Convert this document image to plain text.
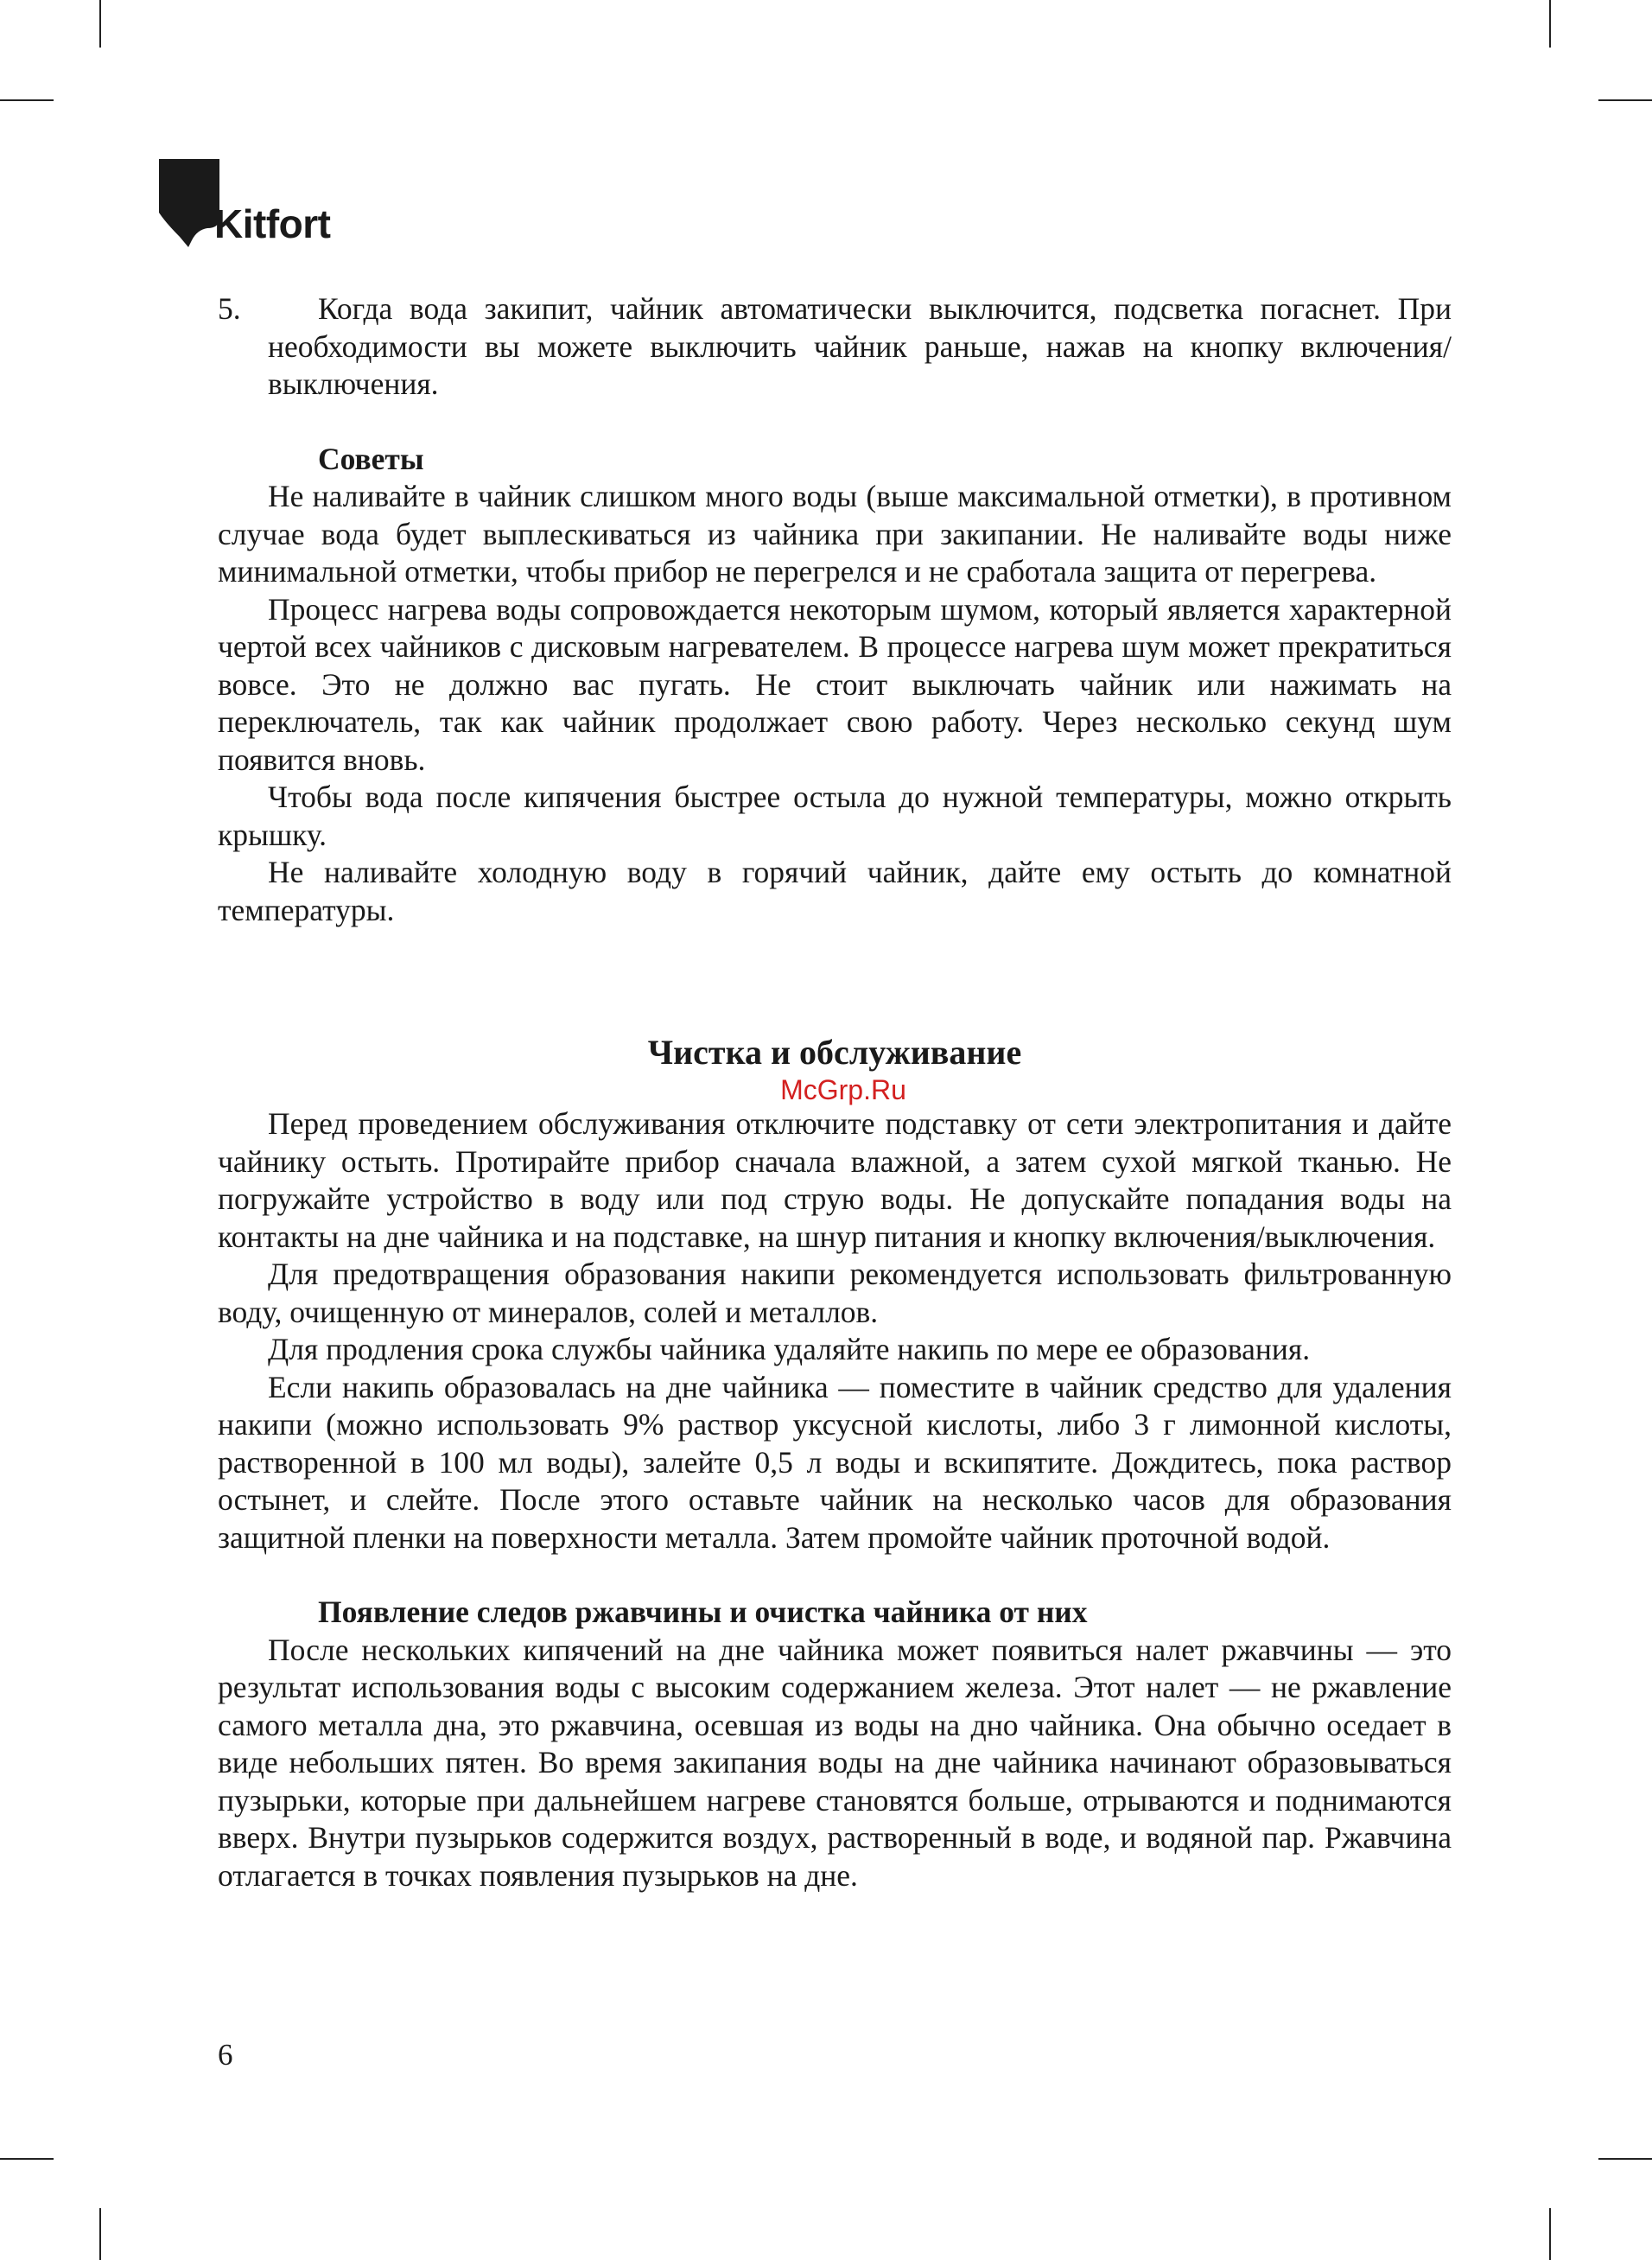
Kitfort
5.	Когда вода закипит, чайник автоматически выключится, подсветка погаснет. При необходимости вы можете выключить чайник раньше, нажав на кнопку включения/выключения.

Советы

Не наливайте в чайник слишком много воды (выше максимальной отметки), в противном случае вода будет выплескиваться из чайника при закипании. Не наливайте воды ниже минимальной отметки, чтобы прибор не перегрелся и не сработала защита от перегрева.

Процесс нагрева воды сопровождается некоторым шумом, который является характерной чертой всех чайников с дисковым нагревателем. В процессе нагрева шум может прекратиться вовсе. Это не должно вас пугать. Не стоит выключать чайник или нажимать на переключатель, так как чайник продолжает свою работу. Через несколько секунд шум появится вновь.

Чтобы вода после кипячения быстрее остыла до нужной температуры, можно открыть крышку.

Не наливайте холодную воду в горячий чайник, дайте ему остыть до комнатной температуры.

Чистка и обслуживание
McGrp.Ru

Перед проведением обслуживания отключите подставку от сети электропитания и дайте чайнику остыть. Протирайте прибор сначала влажной, а затем сухой мягкой тканью. Не погружайте устройство в воду или под струю воды. Не допускайте попадания воды на контакты на дне чайника и на подставке, на шнур питания и кнопку включения/выключения.

Для предотвращения образования накипи рекомендуется использовать фильтрованную воду, очищенную от минералов, солей и металлов.

Для продления срока службы чайника удаляйте накипь по мере ее образования.

Если накипь образовалась на дне чайника — поместите в чайник средство для удаления накипи (можно использовать 9% раствор уксусной кислоты, либо 3 г лимонной кислоты, растворенной в 100 мл воды), залейте 0,5 л воды и вскипятите. Дождитесь, пока раствор остынет, и слейте. После этого оставьте чайник на несколько часов для образования защитной пленки на поверхности металла. Затем промойте чайник проточной водой.

Появление следов ржавчины и очистка чайника от них

После нескольких кипячений на дне чайника может появиться налет ржавчины — это результат использования воды с высоким содержанием железа. Этот налет — не ржавление самого металла дна, это ржавчина, осевшая из воды на дно чайника. Она обычно оседает в виде небольших пятен. Во время закипания воды на дне чайника начинают образовываться пузырьки, которые при дальнейшем нагреве становятся больше, отрываются и поднимаются вверх. Внутри пузырьков содержится воздух, растворенный в воде, и водяной пар. Ржавчина отлагается в точках появления пузырьков на дне.

6
